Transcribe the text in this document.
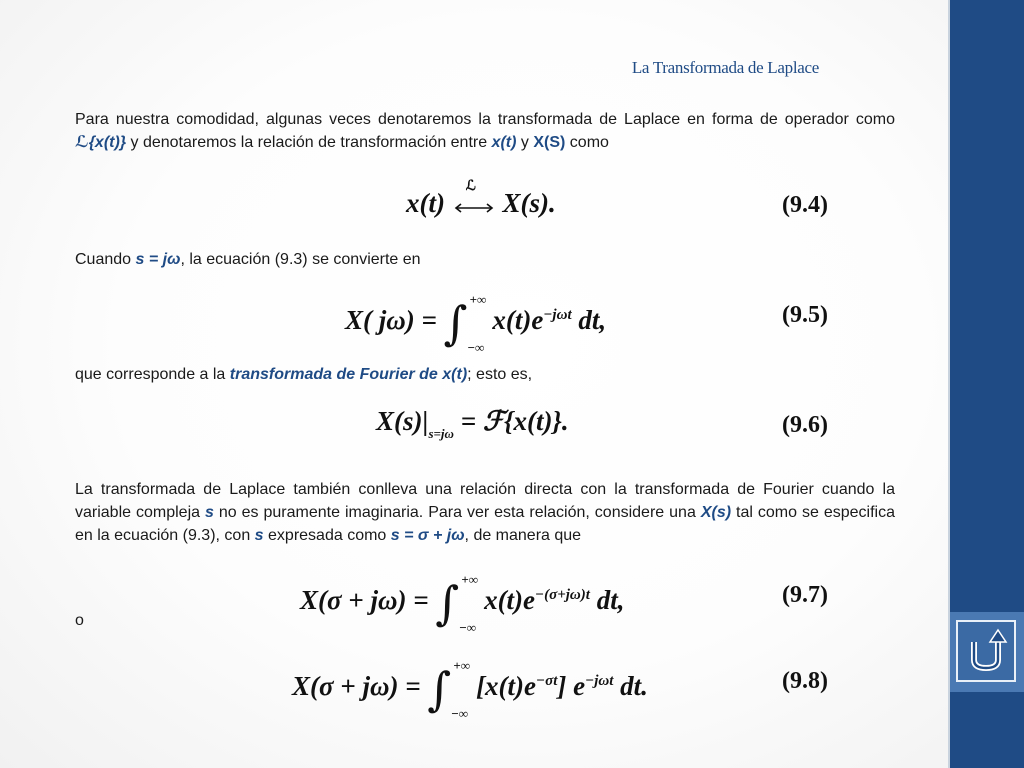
La Transformada de Laplace
Para nuestra comodidad, algunas veces denotaremos la transformada de Laplace en forma de operador como ℒ{x(t)} y denotaremos la relación de transformación entre x(t) y X(S) como
x(t)
ℒ
X(s).	(9.4)
Cuando s = jω, la ecuación (9.3) se convierte en
X( jω) = ∫ +∞
−∞
$x(t)e^{-j\omega t}$ dt,	(9.5)
que corresponde a la transformada de Fourier de x(t); esto es,
$X(s)|_{s=j\omega}$ = ℱ{x(t)}.	(9.6)
La transformada de Laplace también conlleva una relación directa con la transformada de Fourier cuando la variable compleja s no es puramente imaginaria. Para ver esta relación, considere una X(s) tal como se especifica en la ecuación (9.3), con s expresada como s = σ + jω, de manera que
X(σ + jω) = ∫ +∞
−∞
$x(t)e^{-(\sigma+j\omega)t}$ dt,	(9.7)
o
X(σ + jω) = ∫ +∞
−∞
$[x(t)e^{-\sigma t}]$ $e^{-j\omega t}$ dt.	(9.8)
